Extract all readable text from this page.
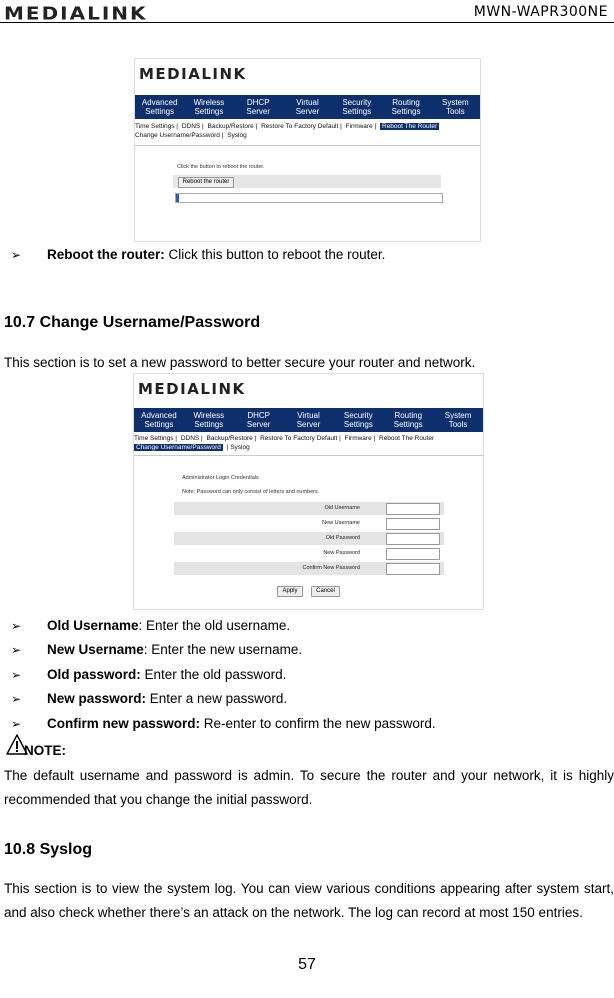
MEDIALINK	MWN-WAPR300NE
MEDIALINK
Advanced
Settings
Wireless
Settings
DHCP
Server
Virtual
Server
Security
Settings
Routing
Settings
System
Tools
Time Settings | DDNS | Backup/Restore | Restore To Factory Default | Firmware | Reboot The Router
Change Username/Password | Syslog
Click the button to reboot the router.
Reboot the router
➢ Reboot the router: Click this button to reboot the router.
10.7 Change Username/Password
This section is to set a new password to better secure your router and network.
MEDIALINK
Advanced
Settings
Wireless
Settings
DHCP
Server
Virtual
Server
Security
Settings
Routing
Settings
System
Tools
Time Settings | DDNS | Backup/Restore | Restore To Factory Default | Firmware | Reboot The Router
Change Username/Password | Syslog
Administrator Login Credentials
Note: Password can only consist of letters and numbers.
Old Username
New Username
Old Password
New Password
Confirm New Password
Apply	Cancel
➢ Old Username: Enter the old username.
➢ New Username: Enter the new username.
➢ Old password: Enter the old password.
➢ New password: Enter a new password.
➢ Confirm new password: Re-enter to confirm the new password.
NOTE:
The default username and password is admin. To secure the router and your network, it is highly recommended that you change the initial password.
10.8 Syslog
This section is to view the system log. You can view various conditions appearing after system start, and also check whether there’s an attack on the network. The log can record at most 150 entries.
57
